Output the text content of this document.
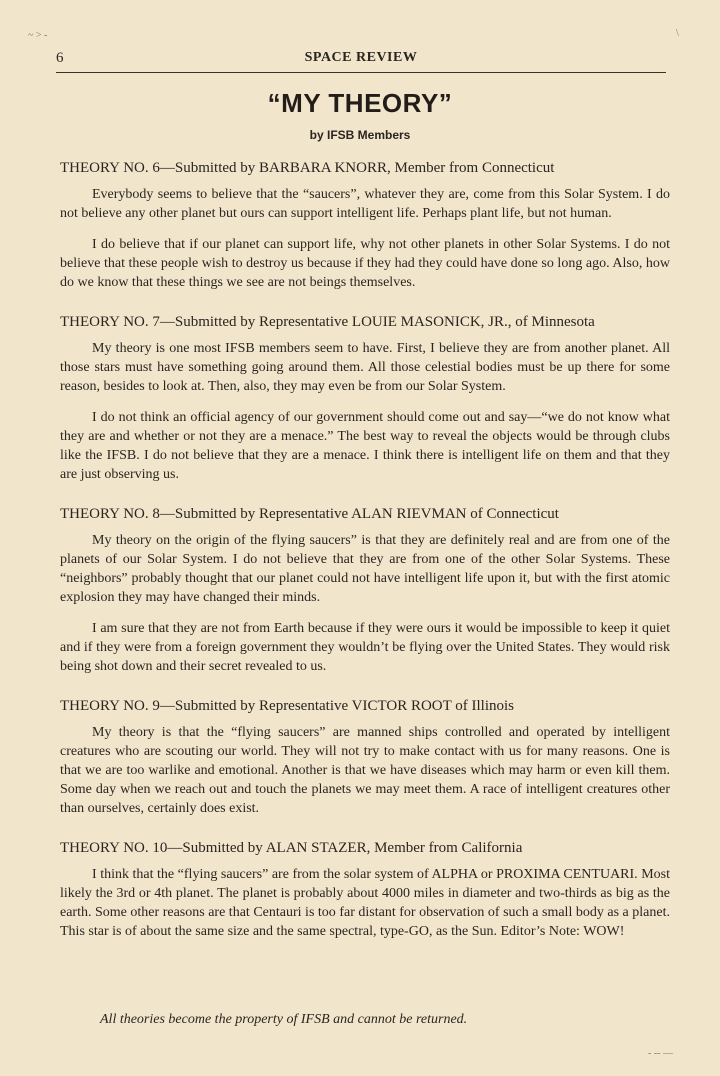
~ > -	\
6	SPACE REVIEW
“MY THEORY”
by IFSB Members
THEORY NO. 6—Submitted by BARBARA KNORR, Member from Connecticut

Everybody seems to believe that the “saucers”, whatever they are, come from this Solar System. I do not believe any other planet but ours can support intelligent life. Perhaps plant life, but not human.

I do believe that if our planet can support life, why not other planets in other Solar Systems. I do not believe that these people wish to destroy us because if they had they could have done so long ago. Also, how do we know that these things we see are not beings themselves.

THEORY NO. 7—Submitted by Representative LOUIE MASONICK, JR., of Minnesota

My theory is one most IFSB members seem to have. First, I believe they are from another planet. All those stars must have something going around them. All those celestial bodies must be up there for some reason, besides to look at. Then, also, they may even be from our Solar System.

I do not think an official agency of our government should come out and say—“we do not know what they are and whether or not they are a menace.” The best way to reveal the objects would be through clubs like the IFSB. I do not believe that they are a menace. I think there is intelligent life on them and that they are just observing us.

THEORY NO. 8—Submitted by Representative ALAN RIEVMAN of Connecticut

My theory on the origin of the flying saucers” is that they are definitely real and are from one of the planets of our Solar System. I do not believe that they are from one of the other Solar Systems. These “neighbors” probably thought that our planet could not have intelligent life upon it, but with the first atomic explosion they may have changed their minds.

I am sure that they are not from Earth because if they were ours it would be impossible to keep it quiet and if they were from a foreign government they wouldn’t be flying over the United States. They would risk being shot down and their secret revealed to us.

THEORY NO. 9—Submitted by Representative VICTOR ROOT of Illinois

My theory is that the “flying saucers” are manned ships controlled and operated by intelligent creatures who are scouting our world. They will not try to make contact with us for many reasons. One is that we are too warlike and emotional. Another is that we have diseases which may harm or even kill them. Some day when we reach out and touch the planets we may meet them. A race of intelligent creatures other than ourselves, certainly does exist.

THEORY NO. 10—Submitted by ALAN STAZER, Member from California

I think that the “flying saucers” are from the solar system of ALPHA or PROXIMA CENTUARI. Most likely the 3rd or 4th planet. The planet is probably about 4000 miles in diameter and two-thirds as big as the earth. Some other reasons are that Centauri is too far distant for observation of such a small body as a planet. This star is of about the same size and the same spectral, type-GO, as the Sun. Editor’s Note: WOW!

All theories become the property of IFSB and cannot be returned.
- -- —
